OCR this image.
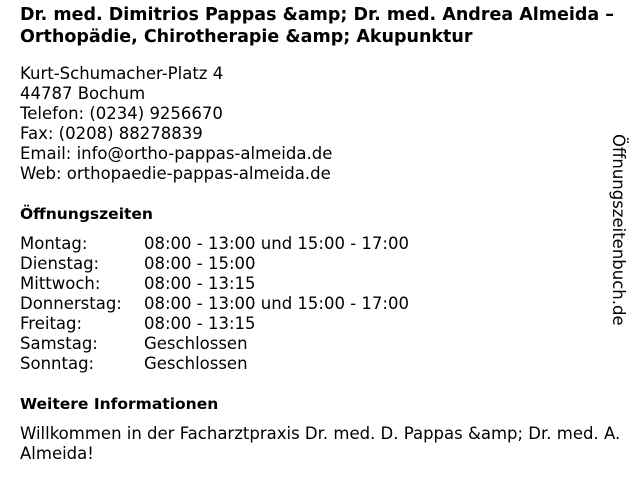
Dr. med. Dimitrios Pappas &amp; Dr. med. Andrea Almeida – Orthopädie, Chirotherapie &amp; Akupunktur
Kurt-Schumacher-Platz 4
44787 Bochum
Telefon: (0234) 9256670
Fax: (0208) 88278839
Email: info@ortho-pappas-almeida.de
Web: orthopaedie-pappas-almeida.de
Öffnungszeiten
Montag:	08:00 - 13:00 und 15:00 - 17:00
Dienstag:	08:00 - 15:00
Mittwoch:	08:00 - 13:15
Donnerstag:	08:00 - 13:00 und 15:00 - 17:00
Freitag:	08:00 - 13:15
Samstag:	Geschlossen
Sonntag:	Geschlossen
Weitere Informationen

Willkommen in der Facharztpraxis Dr. med. D. Pappas &amp; Dr. med. A. Almeida!

Öffnungszeitenbuch.de
